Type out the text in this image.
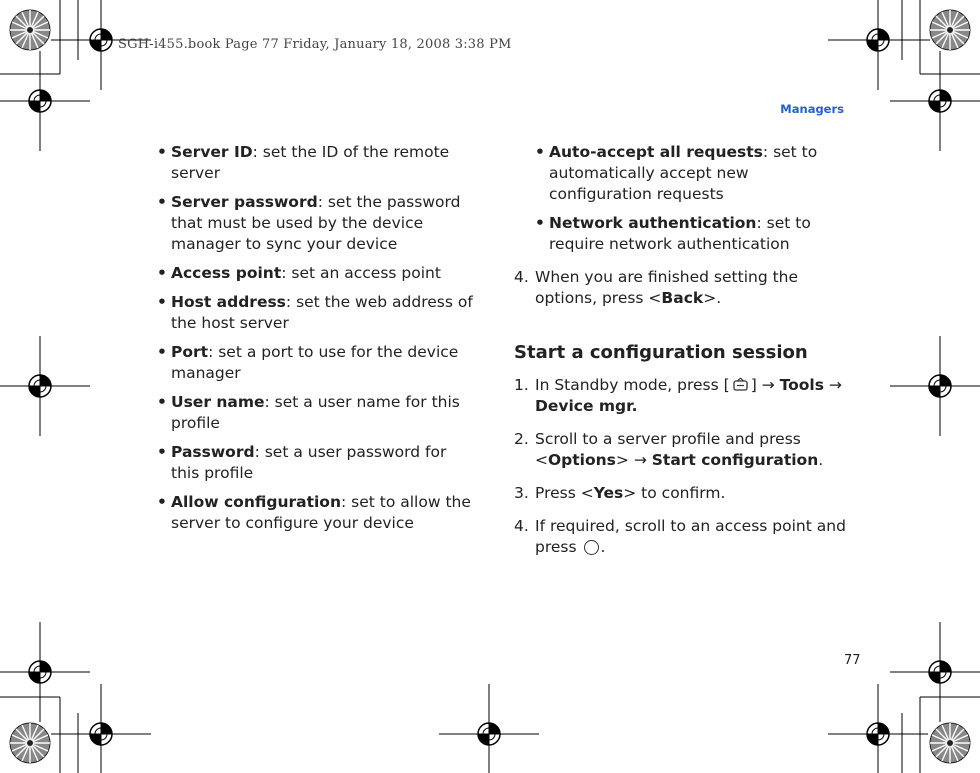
SGH-i455.book Page 77 Friday, January 18, 2008 3:38 PM
Managers
77
• Server ID: set the ID of the remote server
• Server password: set the password that must be used by the device manager to sync your device
• Access point: set an access point
• Host address: set the web address of the host server
• Port: set a port to use for the device manager
• User name: set a user name for this profile
• Password: set a user password for this profile
• Allow configuration: set to allow the server to configure your device
• Auto-accept all requests: set to automatically accept new configuration requests
• Network authentication: set to require network authentication
4. When you are finished setting the options, press <Back>.
Start a configuration session
1. In Standby mode, press [ ] → Tools → Device mgr.
2. Scroll to a server profile and press <Options> → Start configuration.
3. Press <Yes> to confirm.
4. If required, scroll to an access point and press .
